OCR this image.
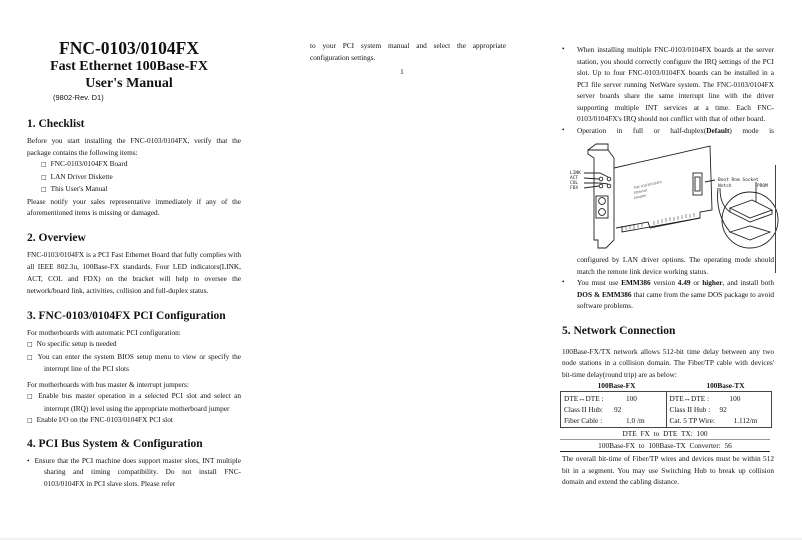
FNC-0103/0104FX
Fast Ethernet 100Base-FX
User's Manual
(9802-Rev. D1)
1. Checklist

Before you start installing the FNC-0103/0104FX, verify that the package contains the following items:

□ FNC-0103/0104FX Board
□ LAN Driver Diskette
□ This User's Manual

Please notify your sales representative immediately if any of the aforementioned items is missing or damaged.

2. Overview

FNC-0103/0104FX is a PCI Fast Ethernet Board that fully complies with all IEEE 802.3u, 100Base-FX standards. Four LED indicators(LINK, ACT, COL and FDX) on the bracket will help to oversee the network/board link, activities, collision and full-duplex status.

3. FNC-0103/0104FX PCI Configuration

For motherboards with automatic PCI configuration:

□ No specific setup is needed

□ You can enter the system BIOS setup menu to view or specify the interrupt line of the PCI slots

For motherboards with bus master & interrupt jumpers:

□ Enable bus master operation in a selected PCI slot and select an interrupt (IRQ) level using the appropriate motherboard jumper

□ Enable I/O on the FNC-0103/0104FX PCI slot

4. PCI Bus System & Configuration

• Ensure that the PCI machine does support master slots, INT multiple sharing and timing compatibility. Do not install FNC-0103/0104FX in PCI slave slots. Please refer

to your PCI system manual and select the appropriate configuration settings.

1
• When installing multiple FNC-0103/0104FX boards at the server station, you should correctly configure the IRQ settings of the PCI slot. Up to four FNC-0103/0104FX boards can be installed in a PCI file server running NetWare system. The FNC-0103/0104FX server boards share the same interrupt line with the driver supporting multiple INT services at a time. Each FNC-0103/0104FX's IRQ should not conflict with that of other board.

• Operation in full or half-duplex(Default) mode is

LINK
ACT
COL
FDX
Boot Rom Socket
Notch	PROM
FNC-0103/0104FX
Ethernet
Adapter

configured by LAN driver options. The operating mode should match the remote link device working status.

• You must use EMM386 version 4.49 or higher, and install both DOS & EMM386 that came from the same DOS package to avoid software problems.

5. Network Connection

100Base-FX/TX network allows 512-bit time delay between any two node stations in a collision domain. The Fiber/TP cable with devices' bit-time delay(round trip) are as below:

100Base-FX	100Base-TX
DTE↔DTE :	100
Class II Hub:	92
Fiber Cable :	1.0 /m
DTE↔DTE :	100
Class II Hub :	92
Cat. 5 TP Wire:	1.112/m
DTE FX to DTE TX: 100
100Base-FX to 100Base-TX Converter: 56

The overall bit-time of Fiber/TP wires and devices must be within 512 bit in a segment. You may use Switching Hub to break up collision domain and extend the cabling distance.
